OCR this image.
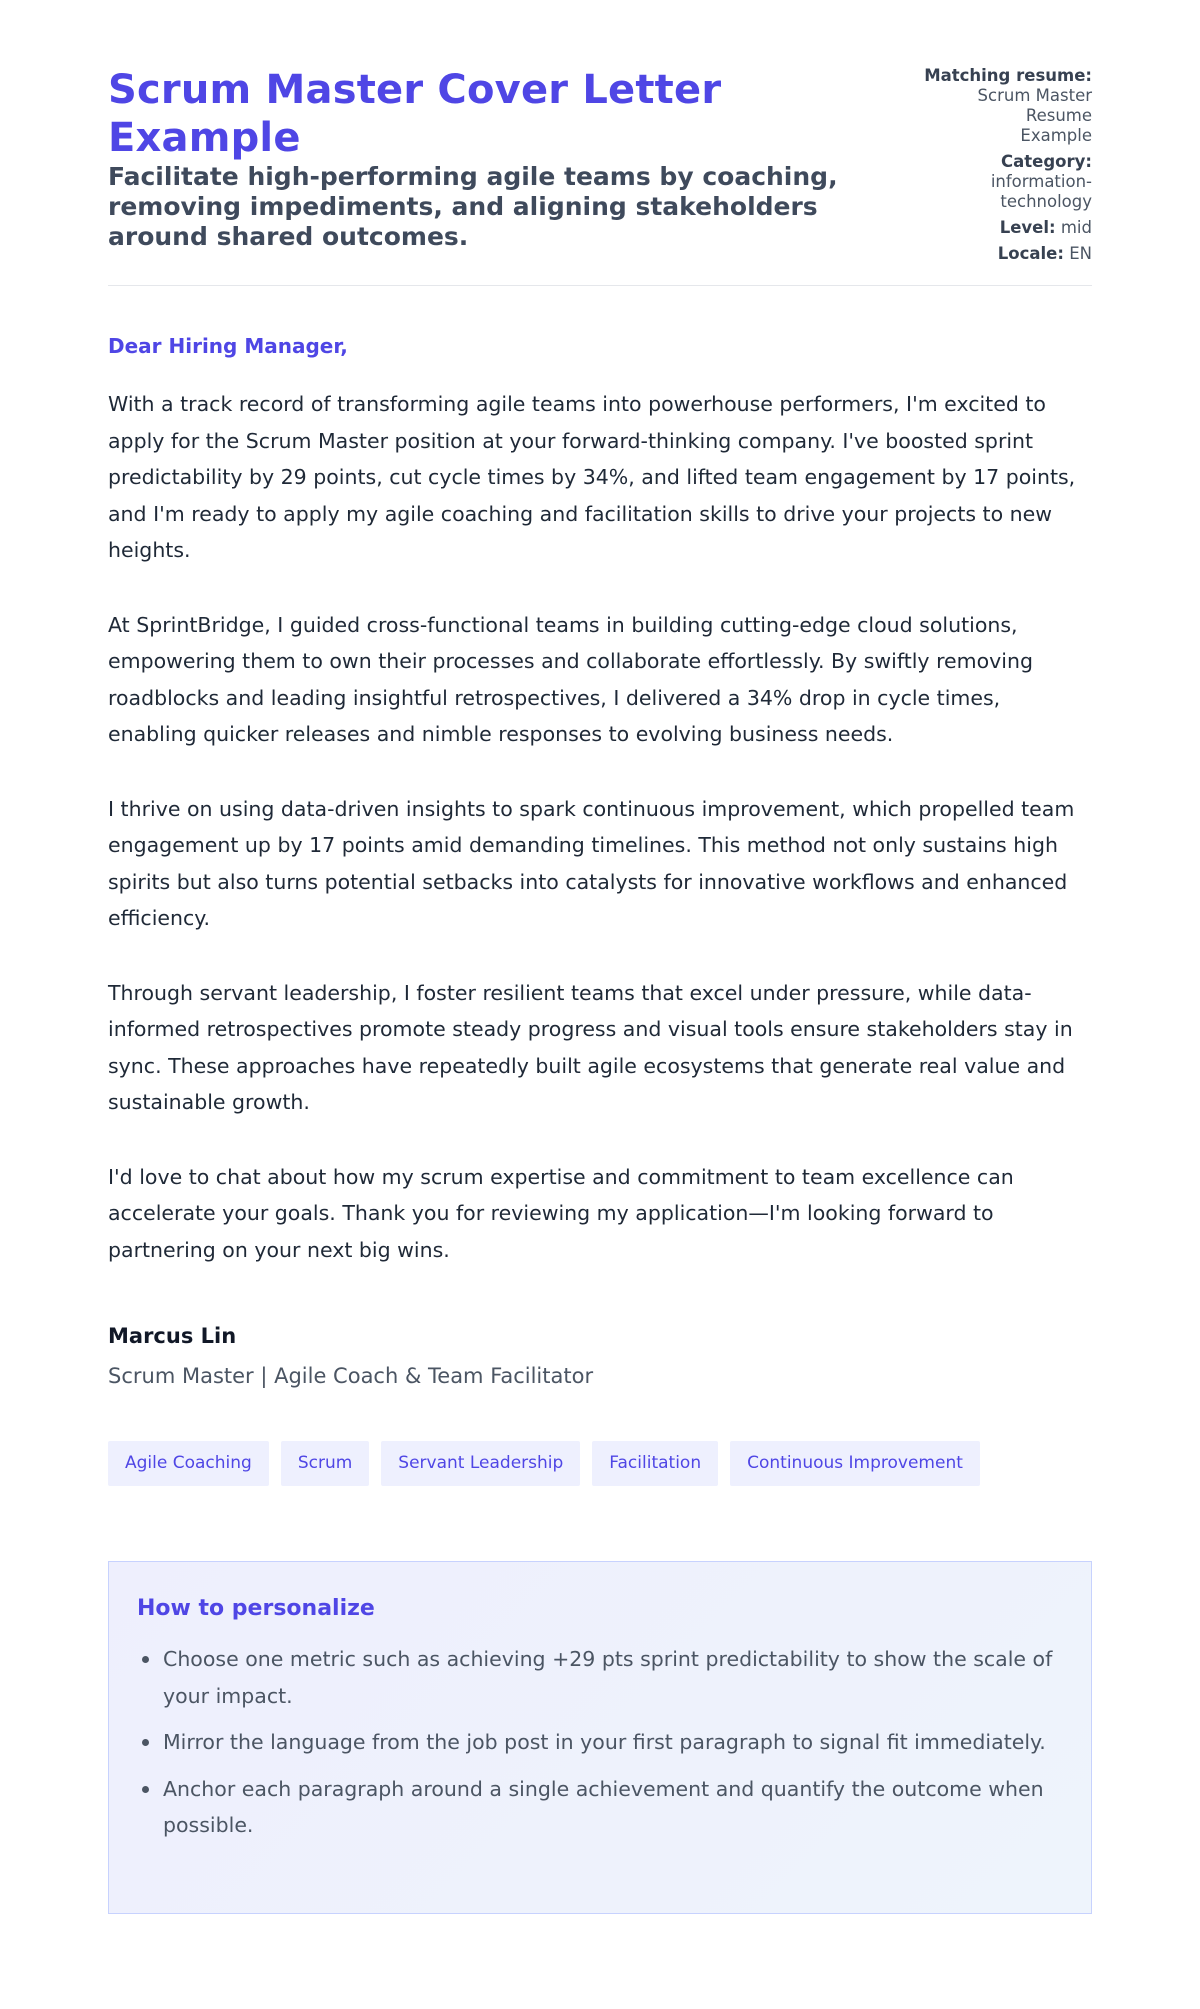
Scrum Master Cover Letter Example
Facilitate high-performing agile teams by coaching, removing impediments, and aligning stakeholders around shared outcomes.
Matching resume:
Scrum Master Resume Example
Category:
information-technology
Level: mid
Locale: EN
Dear Hiring Manager,

With a track record of transforming agile teams into powerhouse performers, I'm excited to apply for the Scrum Master position at your forward-thinking company. I've boosted sprint predictability by 29 points, cut cycle times by 34%, and lifted team engagement by 17 points, and I'm ready to apply my agile coaching and facilitation skills to drive your projects to new heights.

At SprintBridge, I guided cross-functional teams in building cutting-edge cloud solutions, empowering them to own their processes and collaborate effortlessly. By swiftly removing roadblocks and leading insightful retrospectives, I delivered a 34% drop in cycle times, enabling quicker releases and nimble responses to evolving business needs.

I thrive on using data-driven insights to spark continuous improvement, which propelled team engagement up by 17 points amid demanding timelines. This method not only sustains high spirits but also turns potential setbacks into catalysts for innovative workflows and enhanced efficiency.

Through servant leadership, I foster resilient teams that excel under pressure, while data-informed retrospectives promote steady progress and visual tools ensure stakeholders stay in sync. These approaches have repeatedly built agile ecosystems that generate real value and sustainable growth.

I'd love to chat about how my scrum expertise and commitment to team excellence can accelerate your goals. Thank you for reviewing my application—I'm looking forward to partnering on your next big wins.

Marcus Lin
Scrum Master | Agile Coach & Team Facilitator
Agile Coaching	Scrum	Servant Leadership	Facilitation	Continuous Improvement
How to personalize
Choose one metric such as achieving +29 pts sprint predictability to show the scale of your impact.
Mirror the language from the job post in your first paragraph to signal fit immediately.
Anchor each paragraph around a single achievement and quantify the outcome when possible.
